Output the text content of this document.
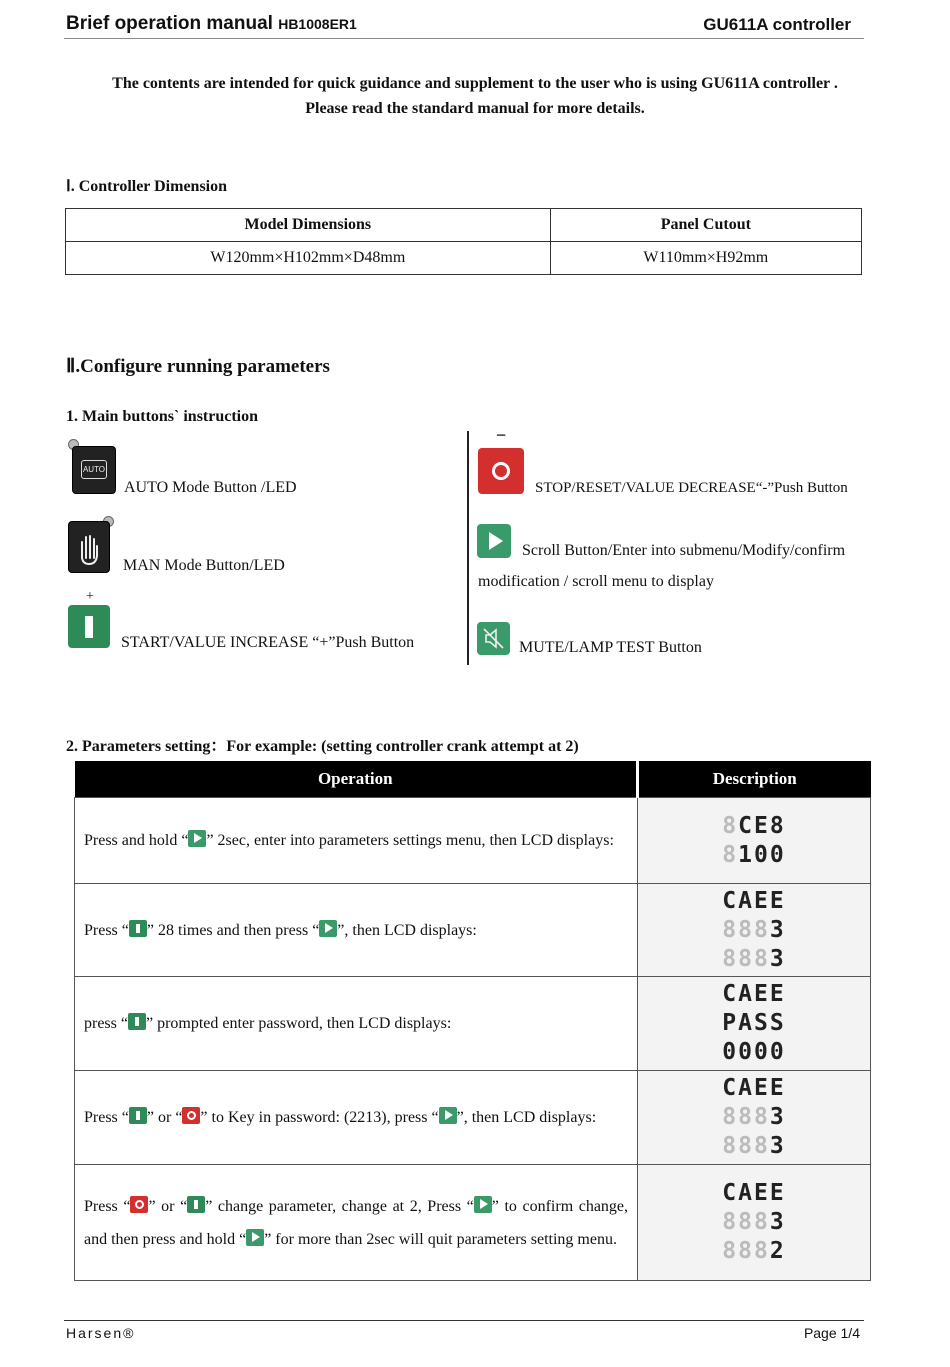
Brief operation manual HB1008ER1	GU611A controller
The contents are intended for quick guidance and supplement to the user who is using GU611A controller .
Please read the standard manual for more details.
Ⅰ. Controller Dimension
Model Dimensions	Panel Cutout
W120mm×H102mm×D48mm	W110mm×H92mm
Ⅱ.Configure running parameters
1. Main buttons` instruction
AUTO
AUTO Mode Button /LED
MAN Mode Button/LED
+
START/VALUE INCREASE “+”Push Button
−
STOP/RESET/VALUE DECREASE“-”Push Button
Scroll Button/Enter into submenu/Modify/confirm
modification / scroll menu to display
MUTE/LAMP TEST Button
2. Parameters setting：For example: (setting controller crank attempt at 2)
Operation	Description
Press and hold “ ” 2sec, enter into parameters settings menu, then LCD displays:	8CE8
8100

Press “ ” 28 times and then press “ ”, then LCD displays:	CAEE
8883
8883

press “ ” prompted enter password, then LCD displays:	CAEE
PASS
0000

Press “ ” or “ ” to Key in password: (2213), press “ ”, then LCD displays:	CAEE
8883
8883

Press “ ” or “ ” change parameter, change at 2, Press “ ” to confirm change, and then press and hold “ ” for more than 2sec will quit parameters setting menu.	CAEE
8883
8882
Harsen®	Page 1/4
